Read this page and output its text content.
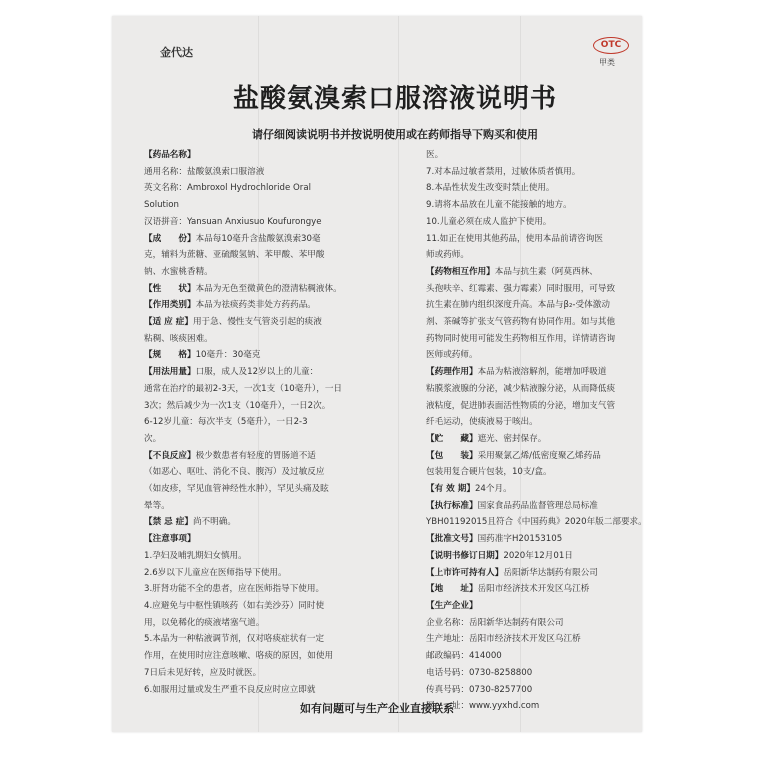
金代达
OTC
甲类
盐酸氨溴索口服溶液说明书
请仔细阅读说明书并按说明使用或在药师指导下购买和使用
【药品名称】
通用名称：盐酸氨溴索口服溶液
英文名称：Ambroxol Hydrochloride Oral
Solution
汉语拼音：Yansuan Anxiusuo Koufurongye
【成　　份】本品每10毫升含盐酸氨溴索30毫
克，辅料为蔗糖、亚硫酸氢钠、苯甲酸、苯甲酸
钠、水蜜桃香精。
【性　　状】本品为无色至微黄色的澄清粘稠液体。
【作用类别】本品为祛痰药类非处方药药品。
【适 应 症】用于急、慢性支气管炎引起的痰液
粘稠、咳痰困难。
【规　　格】10毫升：30毫克
【用法用量】口服，成人及12岁以上的儿童：
通常在治疗的最初2-3天，一次1支（10毫升），一日
3次；然后减少为一次1支（10毫升），一日2次。
6-12岁儿童：每次半支（5毫升），一日2-3
次。
【不良反应】极少数患者有轻度的胃肠道不适
（如恶心、呕吐、消化不良、腹泻）及过敏反应
（如皮疹，罕见血管神经性水肿），罕见头痛及眩
晕等。
【禁 忌 症】尚不明确。
【注意事项】
1.孕妇及哺乳期妇女慎用。
2.6岁以下儿童应在医师指导下使用。
3.肝肾功能不全的患者，应在医师指导下使用。
4.应避免与中枢性镇咳药（如右美沙芬）同时使
用，以免稀化的痰液堵塞气道。
5.本品为一种粘液调节剂，仅对咯痰症状有一定
作用，在使用时应注意咳嗽、咯痰的原因，如使用
7日后未见好转，应及时就医。
6.如服用过量或发生严重不良反应时应立即就
医。
7.对本品过敏者禁用，过敏体质者慎用。
8.本品性状发生改变时禁止使用。
9.请将本品放在儿童不能接触的地方。
10.儿童必须在成人监护下使用。
11.如正在使用其他药品，使用本品前请咨询医
师或药师。
【药物相互作用】本品与抗生素（阿莫西林、
头孢呋辛、红霉素、强力霉素）同时服用，可导致
抗生素在肺内组织深度升高。本品与β₂-受体激动
剂、茶碱等扩张支气管药物有协同作用。如与其他
药物同时使用可能发生药物相互作用，详情请咨询
医师或药师。
【药理作用】本品为粘液溶解剂，能增加呼吸道
粘膜浆液腺的分泌，减少粘液腺分泌，从而降低痰
液粘度，促进肺表面活性物质的分泌，增加支气管
纤毛运动，使痰液易于咳出。
【贮　　藏】遮光、密封保存。
【包　　装】采用聚氯乙烯/低密度聚乙烯药品
包装用复合硬片包装，10支/盒。
【有 效 期】24个月。
【执行标准】国家食品药品监督管理总局标准
YBH01192015且符合《中国药典》2020年版二部要求。
【批准文号】国药准字H20153105
【说明书修订日期】2020年12月01日
【上市许可持有人】岳阳新华达制药有限公司
【地　　址】岳阳市经济技术开发区乌江桥
【生产企业】
企业名称：岳阳新华达制药有限公司
生产地址：岳阳市经济技术开发区乌江桥
邮政编码：414000
电话号码：0730-8258800
传真号码：0730-8257700
网　　址：www.yyxhd.com
如有问题可与生产企业直接联系
